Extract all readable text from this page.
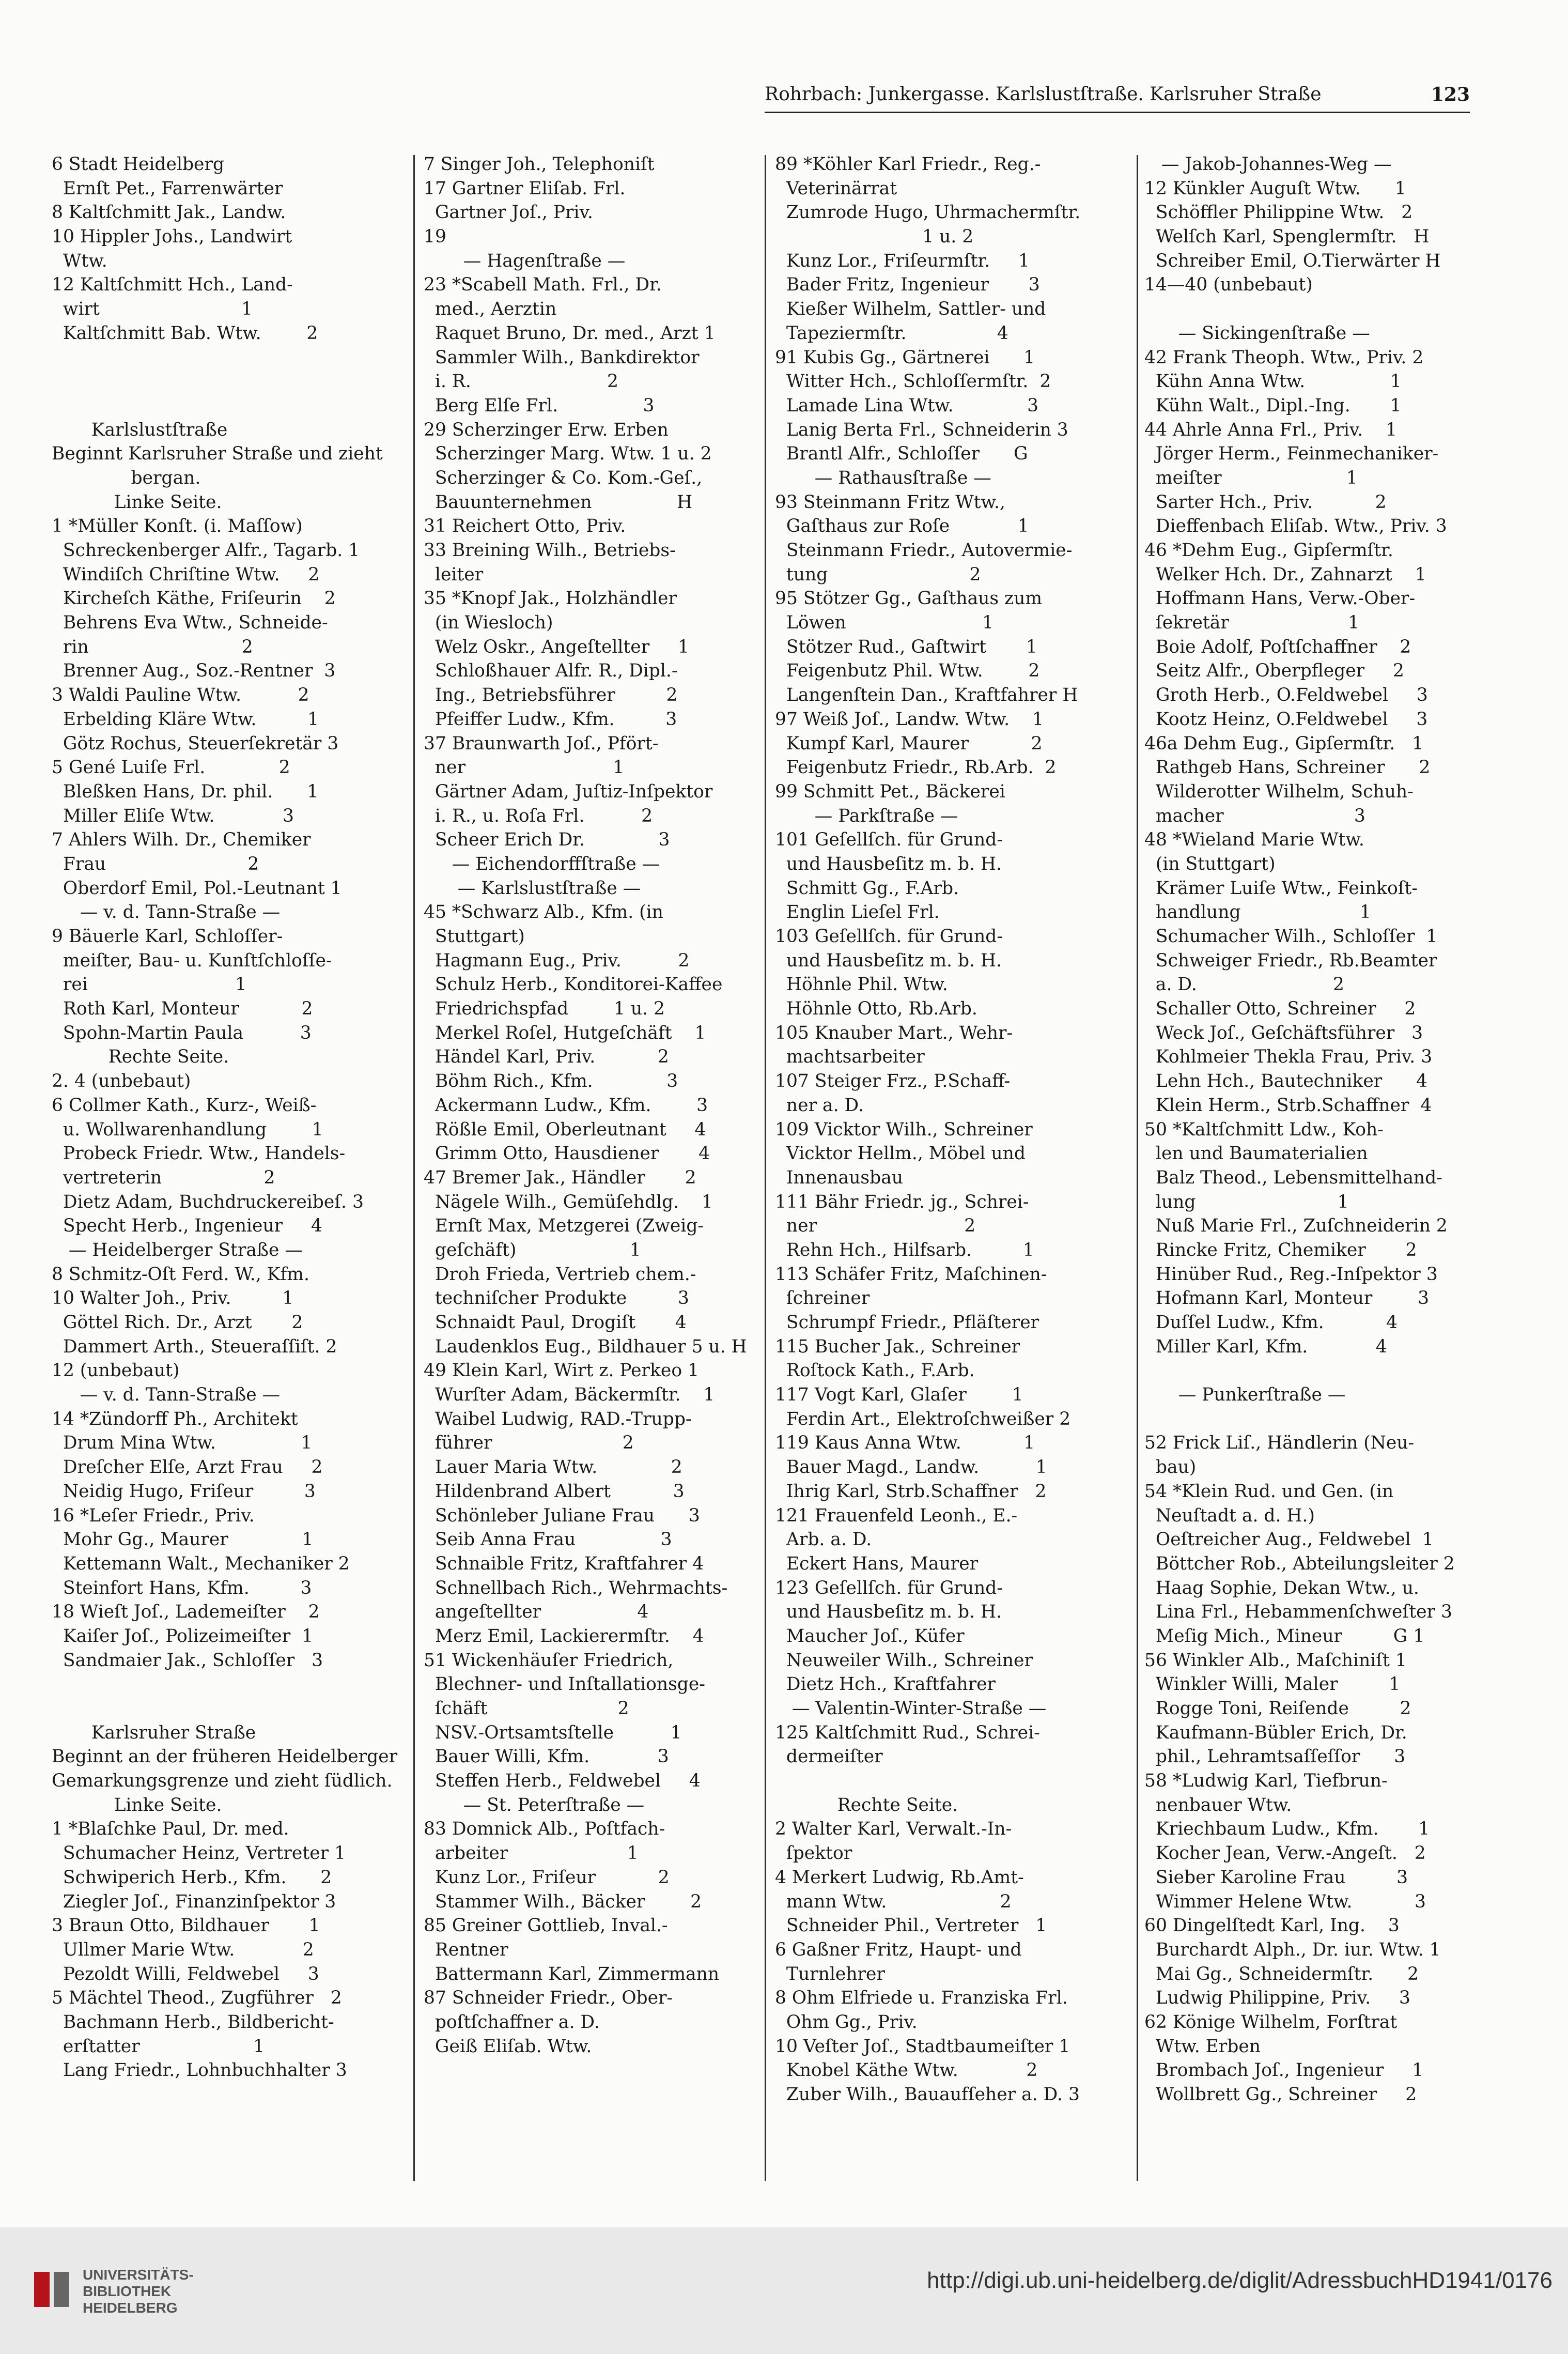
Rohrbach: Junkergasse. Karlslustſtraße. Karlsruher Straße	123
6 Stadt Heidelberg
Ernſt Pet., Farrenwärter
8 Kaltſchmitt Jak., Landw.
10 Hippler Johs., Landwirt
Wtw.
12 Kaltſchmitt Hch., Land-
wirt                         1
Kaltſchmitt Bab. Wtw.        2
Karlslustſtraße
Beginnt Karlsruher Straße und zieht
bergan.
Linke Seite.
1 *Müller Konſt. (i. Maſſow)
Schreckenberger Alfr., Tagarb. 1
Windiſch Chriſtine Wtw.     2
Kircheſch Käthe, Friſeurin    2
Behrens Eva Wtw., Schneide-
rin                           2
Brenner Aug., Soz.-Rentner  3
3 Waldi Pauline Wtw.          2
Erbelding Kläre Wtw.         1
Götz Rochus, Steuerſekretär 3
5 Gené Luiſe Frl.             2
Bleßken Hans, Dr. phil.      1
Miller Eliſe Wtw.            3
7 Ahlers Wilh. Dr., Chemiker
Frau                         2
Oberdorf Emil, Pol.-Leutnant 1
— v. d. Tann-Straße —
9 Bäuerle Karl, Schloſſer-
meiſter, Bau- u. Kunſtſchloſſe-
rei                          1
Roth Karl, Monteur           2
Spohn-Martin Paula          3
Rechte Seite.
2. 4 (unbebaut)
6 Collmer Kath., Kurz-, Weiß-
u. Wollwarenhandlung        1
Probeck Friedr. Wtw., Handels-
vertreterin                  2
Dietz Adam, Buchdruckereibeſ. 3
Specht Herb., Ingenieur     4
— Heidelberger Straße —
8 Schmitz-Oſt Ferd. W., Kfm.
10 Walter Joh., Priv.         1
Göttel Rich. Dr., Arzt       2
Dammert Arth., Steueraſſiſt. 2
12 (unbebaut)
— v. d. Tann-Straße —
14 *Zündorff Ph., Architekt
Drum Mina Wtw.               1
Dreſcher Elſe, Arzt Frau     2
Neidig Hugo, Friſeur         3
16 *Leſer Friedr., Priv.
Mohr Gg., Maurer             1
Kettemann Walt., Mechaniker 2
Steinfort Hans, Kfm.         3
18 Wieſt Joſ., Lademeiſter    2
Kaiſer Joſ., Polizeimeiſter  1
Sandmaier Jak., Schloſſer   3
Karlsruher Straße
Beginnt an der früheren Heidelberger
Gemarkungsgrenze und zieht ſüdlich.
Linke Seite.
1 *Blaſchke Paul, Dr. med.
Schumacher Heinz, Vertreter 1
Schwiperich Herb., Kfm.      2
Ziegler Joſ., Finanzinſpektor 3
3 Braun Otto, Bildhauer       1
Ullmer Marie Wtw.            2
Pezoldt Willi, Feldwebel     3
5 Mächtel Theod., Zugführer   2
Bachmann Herb., Bildbericht-
erſtatter                    1
Lang Friedr., Lohnbuchhalter 3
7 Singer Joh., Telephoniſt
17 Gartner Eliſab. Frl.
Gartner Joſ., Priv.
19
— Hagenſtraße —
23 *Scabell Math. Frl., Dr.
med., Aerztin
Raquet Bruno, Dr. med., Arzt 1
Sammler Wilh., Bankdirektor
i. R.                        2
Berg Elſe Frl.               3
29 Scherzinger Erw. Erben
Scherzinger Marg. Wtw. 1 u. 2
Scherzinger & Co. Kom.-Geſ.,
Bauunternehmen               H
31 Reichert Otto, Priv.
33 Breining Wilh., Betriebs-
leiter
35 *Knopf Jak., Holzhändler
(in Wiesloch)
Welz Oskr., Angeſtellter     1
Schloßhauer Alfr. R., Dipl.-
Ing., Betriebsführer         2
Pfeiffer Ludw., Kfm.         3
37 Braunwarth Joſ., Pfört-
ner                          1
Gärtner Adam, Juſtiz-Inſpektor
i. R., u. Roſa Frl.          2
Scheer Erich Dr.             3
— Eichendorffſtraße —
— Karlslustſtraße —
45 *Schwarz Alb., Kfm. (in
Stuttgart)
Hagmann Eug., Priv.          2
Schulz Herb., Konditorei-Kaffee
Friedrichspfad        1 u. 2
Merkel Roſel, Hutgeſchäft    1
Händel Karl, Priv.           2
Böhm Rich., Kfm.             3
Ackermann Ludw., Kfm.        3
Rößle Emil, Oberleutnant     4
Grimm Otto, Hausdiener       4
47 Bremer Jak., Händler       2
Nägele Wilh., Gemüſehdlg.    1
Ernſt Max, Metzgerei (Zweig-
geſchäft)                    1
Droh Frieda, Vertrieb chem.-
techniſcher Produkte         3
Schnaidt Paul, Drogiſt       4
Laudenklos Eug., Bildhauer 5 u. H
49 Klein Karl, Wirt z. Perkeo 1
Wurſter Adam, Bäckermſtr.    1
Waibel Ludwig, RAD.-Trupp-
führer                       2
Lauer Maria Wtw.             2
Hildenbrand Albert           3
Schönleber Juliane Frau      3
Seib Anna Frau               3
Schnaible Fritz, Kraftfahrer 4
Schnellbach Rich., Wehrmachts-
angeſtellter                 4
Merz Emil, Lackierermſtr.    4
51 Wickenhäuſer Friedrich,
Blechner- und Inſtallationsge-
ſchäft                       2
NSV.-Ortsamtsſtelle          1
Bauer Willi, Kfm.            3
Steffen Herb., Feldwebel     4
— St. Peterſtraße —
83 Domnick Alb., Poſtfach-
arbeiter                     1
Kunz Lor., Friſeur           2
Stammer Wilh., Bäcker        2
85 Greiner Gottlieb, Inval.-
Rentner
Battermann Karl, Zimmermann
87 Schneider Friedr., Ober-
poſtſchaffner a. D.
Geiß Eliſab. Wtw.
89 *Köhler Karl Friedr., Reg.-
Veterinärrat
Zumrode Hugo, Uhrmachermſtr.
1 u. 2
Kunz Lor., Friſeurmſtr.     1
Bader Fritz, Ingenieur       3
Kießer Wilhelm, Sattler- und
Tapeziermſtr.                4
91 Kubis Gg., Gärtnerei      1
Witter Hch., Schloſſermſtr.  2
Lamade Lina Wtw.             3
Lanig Berta Frl., Schneiderin 3
Brantl Alfr., Schloſſer      G
— Rathausſtraße —
93 Steinmann Fritz Wtw.,
Gaſthaus zur Roſe            1
Steinmann Friedr., Autovermie-
tung                         2
95 Stötzer Gg., Gaſthaus zum
Löwen                        1
Stötzer Rud., Gaſtwirt       1
Feigenbutz Phil. Wtw.        2
Langenſtein Dan., Kraftfahrer H
97 Weiß Joſ., Landw. Wtw.    1
Kumpf Karl, Maurer           2
Feigenbutz Friedr., Rb.Arb.  2
99 Schmitt Pet., Bäckerei
— Parkſtraße —
101 Geſellſch. für Grund-
und Hausbeſitz m. b. H.
Schmitt Gg., F.Arb.
Englin Lieſel Frl.
103 Geſellſch. für Grund-
und Hausbeſitz m. b. H.
Höhnle Phil. Wtw.
Höhnle Otto, Rb.Arb.
105 Knauber Mart., Wehr-
machtsarbeiter
107 Steiger Frz., P.Schaff-
ner a. D.
109 Vicktor Wilh., Schreiner
Vicktor Hellm., Möbel und
Innenausbau
111 Bähr Friedr. jg., Schrei-
ner                          2
Rehn Hch., Hilfsarb.         1
113 Schäfer Fritz, Maſchinen-
ſchreiner
Schrumpf Friedr., Pfläſterer
115 Bucher Jak., Schreiner
Roſtock Kath., F.Arb.
117 Vogt Karl, Glaſer        1
Ferdin Art., Elektroſchweißer 2
119 Kaus Anna Wtw.           1
Bauer Magd., Landw.          1
Ihrig Karl, Strb.Schaffner   2
121 Frauenfeld Leonh., E.-
Arb. a. D.
Eckert Hans, Maurer
123 Geſellſch. für Grund-
und Hausbeſitz m. b. H.
Maucher Joſ., Küfer
Neuweiler Wilh., Schreiner
Dietz Hch., Kraftfahrer
— Valentin-Winter-Straße —
125 Kaltſchmitt Rud., Schrei-
dermeiſter
Rechte Seite.
2 Walter Karl, Verwalt.-In-
ſpektor
4 Merkert Ludwig, Rb.Amt-
mann Wtw.                    2
Schneider Phil., Vertreter   1
6 Gaßner Fritz, Haupt- und
Turnlehrer
8 Ohm Elfriede u. Franziska Frl.
Ohm Gg., Priv.
10 Veſter Joſ., Stadtbaumeiſter 1
Knobel Käthe Wtw.            2
Zuber Wilh., Bauaufſeher a. D. 3
— Jakob-Johannes-Weg —
12 Künkler Auguſt Wtw.      1
Schöffler Philippine Wtw.   2
Welſch Karl, Spenglermſtr.   H
Schreiber Emil, O.Tierwärter H
14—40 (unbebaut)
— Sickingenſtraße —
42 Frank Theoph. Wtw., Priv. 2
Kühn Anna Wtw.               1
Kühn Walt., Dipl.-Ing.       1
44 Ahrle Anna Frl., Priv.    1
Jörger Herm., Feinmechaniker-
meiſter                      1
Sarter Hch., Priv.           2
Dieffenbach Eliſab. Wtw., Priv. 3
46 *Dehm Eug., Gipſermſtr.
Welker Hch. Dr., Zahnarzt    1
Hoffmann Hans, Verw.-Ober-
ſekretär                     1
Boie Adolf, Poſtſchaffner    2
Seitz Alfr., Oberpfleger     2
Groth Herb., O.Feldwebel     3
Kootz Heinz, O.Feldwebel     3
46a Dehm Eug., Gipſermſtr.   1
Rathgeb Hans, Schreiner      2
Wilderotter Wilhelm, Schuh-
macher                       3
48 *Wieland Marie Wtw.
(in Stuttgart)
Krämer Luiſe Wtw., Feinkoſt-
handlung                     1
Schumacher Wilh., Schloſſer  1
Schweiger Friedr., Rb.Beamter
a. D.                        2
Schaller Otto, Schreiner     2
Weck Joſ., Geſchäftsführer   3
Kohlmeier Thekla Frau, Priv. 3
Lehn Hch., Bautechniker      4
Klein Herm., Strb.Schaffner  4
50 *Kaltſchmitt Ldw., Koh-
len und Baumaterialien
Balz Theod., Lebensmittelhand-
lung                         1
Nuß Marie Frl., Zuſchneiderin 2
Rincke Fritz, Chemiker       2
Hinüber Rud., Reg.-Inſpektor 3
Hofmann Karl, Monteur        3
Duſſel Ludw., Kfm.           4
Miller Karl, Kfm.            4
— Punkerſtraße —
52 Frick Liſ., Händlerin (Neu-
bau)
54 *Klein Rud. und Gen. (in
Neuſtadt a. d. H.)
Oeſtreicher Aug., Feldwebel  1
Böttcher Rob., Abteilungsleiter 2
Haag Sophie, Dekan Wtw., u.
Lina Frl., Hebammenſchweſter 3
Meſig Mich., Mineur         G 1
56 Winkler Alb., Maſchiniſt 1
Winkler Willi, Maler         1
Rogge Toni, Reiſende         2
Kaufmann-Bübler Erich, Dr.
phil., Lehramtsaſſeſſor      3
58 *Ludwig Karl, Tiefbrun-
nenbauer Wtw.
Kriechbaum Ludw., Kfm.       1
Kocher Jean, Verw.-Angeſt.   2
Sieber Karoline Frau         3
Wimmer Helene Wtw.           3
60 Dingelſtedt Karl, Ing.    3
Burchardt Alph., Dr. iur. Wtw. 1
Mai Gg., Schneidermſtr.      2
Ludwig Philippine, Priv.     3
62 Könige Wilhelm, Forſtrat
Wtw. Erben
Brombach Joſ., Ingenieur     1
Wollbrett Gg., Schreiner     2
UNIVERSITÄTS-
BIBLIOTHEK
HEIDELBERG
http://digi.ub.uni-heidelberg.de/diglit/AdressbuchHD1941/0176
